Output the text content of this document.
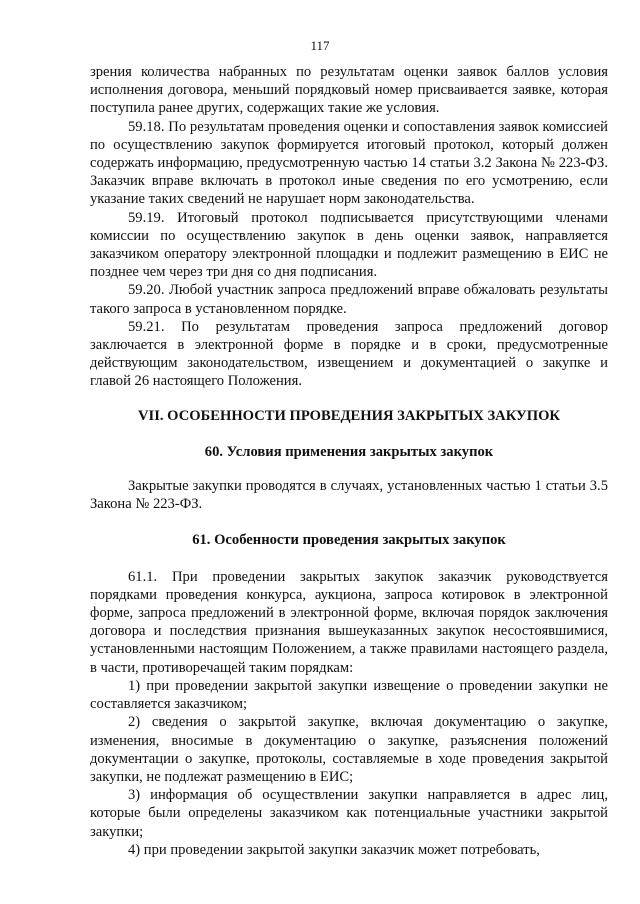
117

зрения количества набранных по результатам оценки заявок баллов условия исполнения договора, меньший порядковый номер присваивается заявке, которая поступила ранее других, содержащих такие же условия.

59.18. По результатам проведения оценки и сопоставления заявок комиссией по осуществлению закупок формируется итоговый протокол, который должен содержать информацию, предусмотренную частью 14 статьи 3.2 Закона № 223-ФЗ. Заказчик вправе включать в протокол иные сведения по его усмотрению, если указание таких сведений не нарушает норм законодательства.

59.19. Итоговый протокол подписывается присутствующими членами комиссии по осуществлению закупок в день оценки заявок, направляется заказчиком оператору электронной площадки и подлежит размещению в ЕИС не позднее чем через три дня со дня подписания.

59.20. Любой участник запроса предложений вправе обжаловать результаты такого запроса в установленном порядке.

59.21. По результатам проведения запроса предложений договор заключается в электронной форме в порядке и в сроки, предусмотренные действующим законодательством, извещением и документацией о закупке и главой 26 настоящего Положения.

VII. ОСОБЕННОСТИ ПРОВЕДЕНИЯ ЗАКРЫТЫХ ЗАКУПОК
60. Условия применения закрытых закупок

Закрытые закупки проводятся в случаях, установленных частью 1 статьи 3.5 Закона № 223-ФЗ.

61. Особенности проведения закрытых закупок

61.1. При проведении закрытых закупок заказчик руководствуется порядками проведения конкурса, аукциона, запроса котировок в электронной форме, запроса предложений в электронной форме, включая порядок заключения договора и последствия признания вышеуказанных закупок несостоявшимися, установленными настоящим Положением, а также правилами настоящего раздела, в части, противоречащей таким порядкам:

1) при проведении закрытой закупки извещение о проведении закупки не составляется заказчиком;

2) сведения о закрытой закупке, включая документацию о закупке, изменения, вносимые в документацию о закупке, разъяснения положений документации о закупке, протоколы, составляемые в ходе проведения закрытой закупки, не подлежат размещению в ЕИС;

3) информация об осуществлении закупки направляется в адрес лиц, которые были определены заказчиком как потенциальные участники закрытой закупки;

4) при проведении закрытой закупки заказчик может потребовать,
